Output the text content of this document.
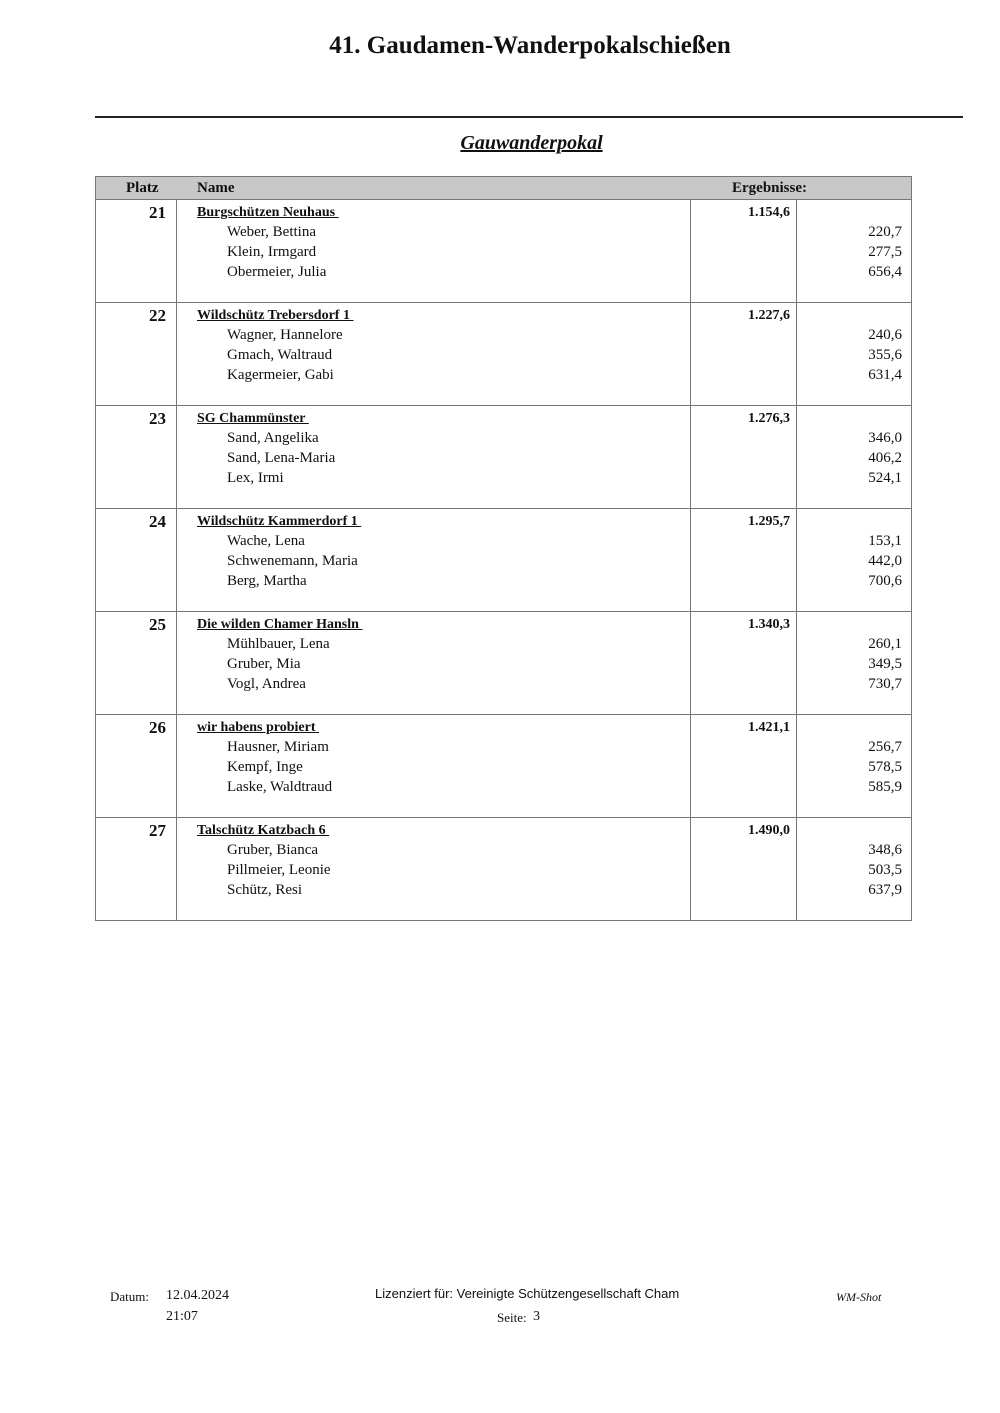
41. Gaudamen-Wanderpokalschießen
Gauwanderpokal
Platz	Name	Ergebnisse:
21 Burgschützen Neuhaus	1.154,6
Weber, Bettina	220,7
Klein, Irmgard	277,5
Obermeier, Julia	656,4
22 Wildschütz Trebersdorf 1	1.227,6
Wagner, Hannelore	240,6
Gmach, Waltraud	355,6
Kagermeier, Gabi	631,4
23 SG Chammünster	1.276,3
Sand, Angelika	346,0
Sand, Lena-Maria	406,2
Lex, Irmi	524,1
24 Wildschütz Kammerdorf 1	1.295,7
Wache, Lena	153,1
Schwenemann, Maria	442,0
Berg, Martha	700,6
25 Die wilden Chamer Hansln	1.340,3
Mühlbauer, Lena	260,1
Gruber, Mia	349,5
Vogl, Andrea	730,7
26 wir habens probiert	1.421,1
Hausner, Miriam	256,7
Kempf, Inge	578,5
Laske, Waldtraud	585,9
27 Talschütz Katzbach 6	1.490,0
Gruber, Bianca	348,6
Pillmeier, Leonie	503,5
Schütz, Resi	637,9
Datum: 12.04.2024
21:07
Lizenziert für: Vereinigte Schützengesellschaft Cham
Seite: 3
WM-Shot
